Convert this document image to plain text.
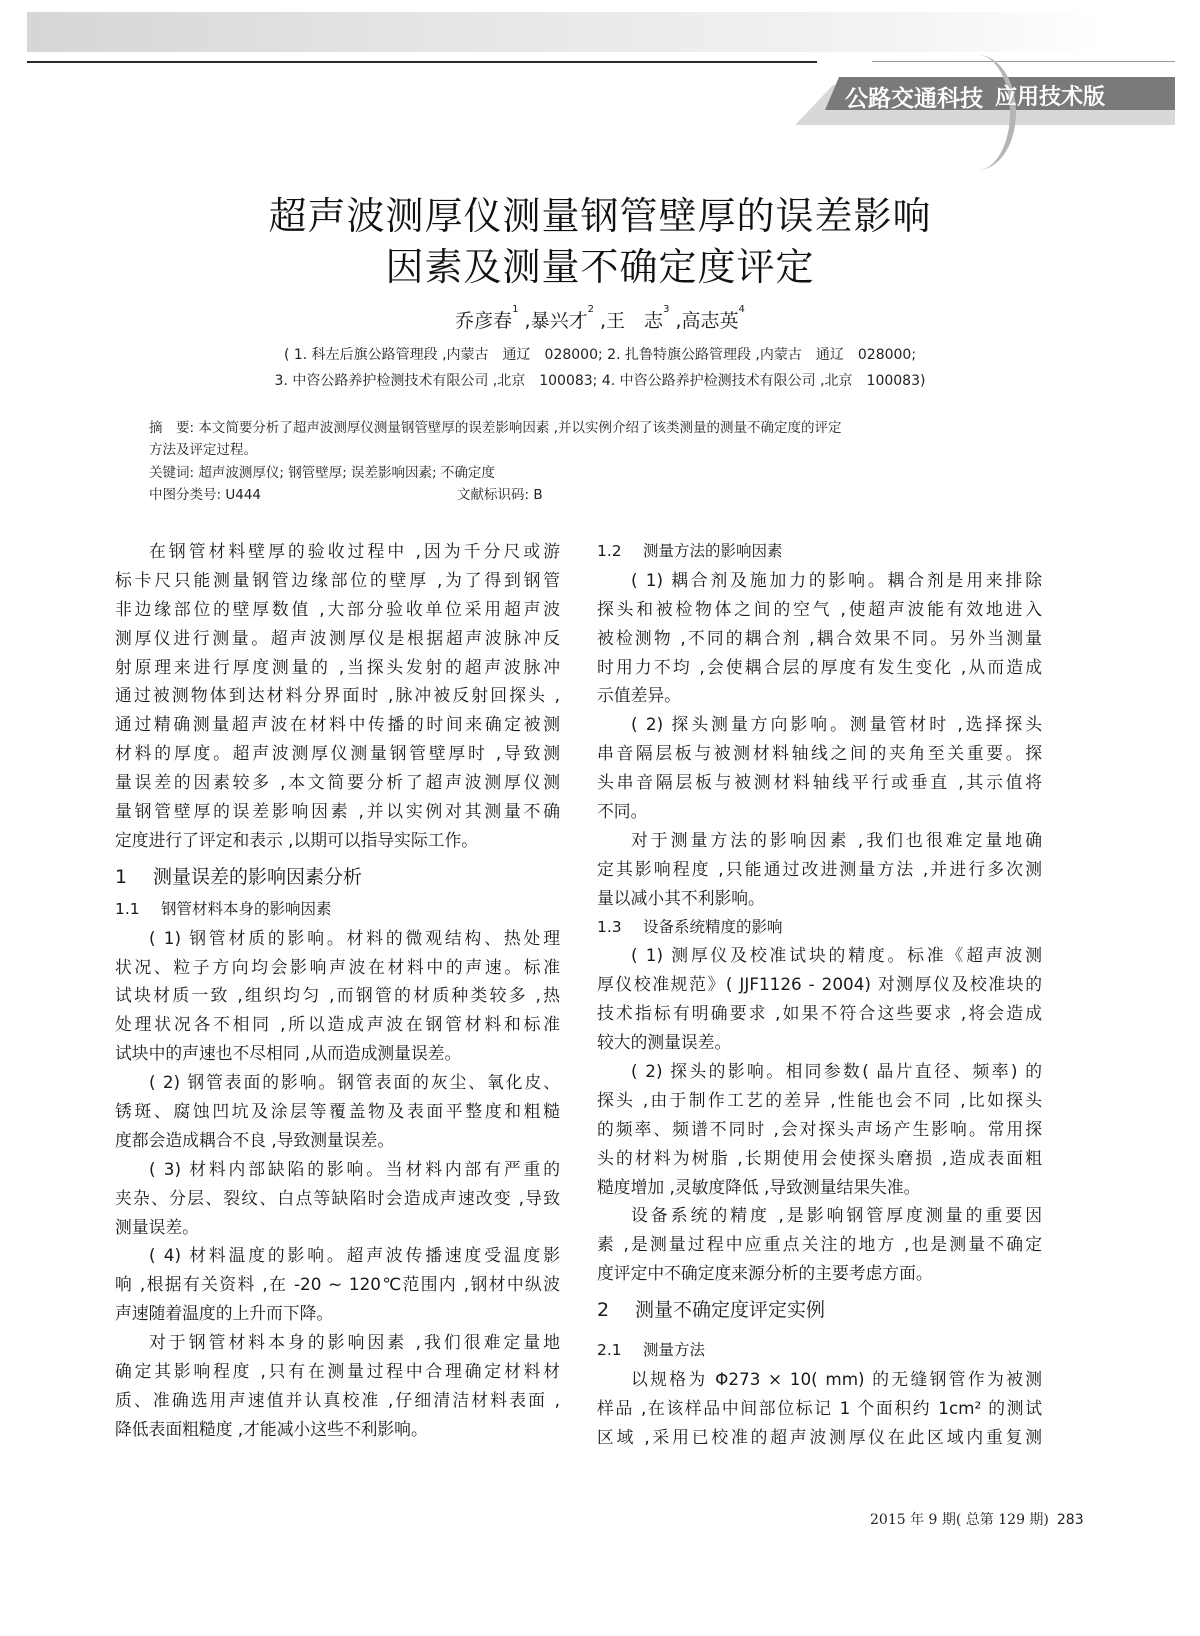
公路交通科技 应用技术版
超声波测厚仪测量钢管壁厚的误差影响
因素及测量不确定度评定
乔彦春$^1$ ,暴兴才$^2$ ,王　志$^3$ ,高志英$^4$
( 1. 科左后旗公路管理段 ,内蒙古　通辽　028000; 2. 扎鲁特旗公路管理段 ,内蒙古　通辽　028000;
3. 中咨公路养护检测技术有限公司 ,北京　100083; 4. 中咨公路养护检测技术有限公司 ,北京　100083)
摘　要: 本文简要分析了超声波测厚仪测量钢管壁厚的误差影响因素 ,并以实例介绍了该类测量的测量不确定度的评定
方法及评定过程。
关键词: 超声波测厚仪; 钢管壁厚; 误差影响因素; 不确定度
中图分类号: U444	文献标识码: B
在钢管材料壁厚的验收过程中 ,因为千分尺或游
标卡尺只能测量钢管边缘部位的壁厚 ,为了得到钢管
非边缘部位的壁厚数值 ,大部分验收单位采用超声波
测厚仪进行测量。超声波测厚仪是根据超声波脉冲反
射原理来进行厚度测量的 ,当探头发射的超声波脉冲
通过被测物体到达材料分界面时 ,脉冲被反射回探头 ,
通过精确测量超声波在材料中传播的时间来确定被测
材料的厚度。超声波测厚仪测量钢管壁厚时 ,导致测
量误差的因素较多 ,本文简要分析了超声波测厚仪测
量钢管壁厚的误差影响因素 ,并以实例对其测量不确
定度进行了评定和表示 ,以期可以指导实际工作。
1 测量误差的影响因素分析
1.1 钢管材料本身的影响因素
( 1) 钢管材质的影响。材料的微观结构、热处理
状况、粒子方向均会影响声波在材料中的声速。标准
试块材质一致 ,组织均匀 ,而钢管的材质种类较多 ,热
处理状况各不相同 ,所以造成声波在钢管材料和标准
试块中的声速也不尽相同 ,从而造成测量误差。
( 2) 钢管表面的影响。钢管表面的灰尘、氧化皮、
锈斑、腐蚀凹坑及涂层等覆盖物及表面平整度和粗糙
度都会造成耦合不良 ,导致测量误差。
( 3) 材料内部缺陷的影响。当材料内部有严重的
夹杂、分层、裂纹、白点等缺陷时会造成声速改变 ,导致
测量误差。
( 4) 材料温度的影响。超声波传播速度受温度影
响 ,根据有关资料 ,在 -20 ~ 120℃范围内 ,钢材中纵波
声速随着温度的上升而下降。
对于钢管材料本身的影响因素 ,我们很难定量地
确定其影响程度 ,只有在测量过程中合理确定材料材
质、准确选用声速值并认真校准 ,仔细清洁材料表面 ,
降低表面粗糙度 ,才能减小这些不利影响。
1.2 测量方法的影响因素
( 1) 耦合剂及施加力的影响。耦合剂是用来排除
探头和被检物体之间的空气 ,使超声波能有效地进入
被检测物 ,不同的耦合剂 ,耦合效果不同。另外当测量
时用力不均 ,会使耦合层的厚度有发生变化 ,从而造成
示值差异。
( 2) 探头测量方向影响。测量管材时 ,选择探头
串音隔层板与被测材料轴线之间的夹角至关重要。探
头串音隔层板与被测材料轴线平行或垂直 ,其示值将
不同。
对于测量方法的影响因素 ,我们也很难定量地确
定其影响程度 ,只能通过改进测量方法 ,并进行多次测
量以减小其不利影响。
1.3 设备系统精度的影响
( 1) 测厚仪及校准试块的精度。标准《超声波测
厚仪校准规范》( JJF1126 - 2004) 对测厚仪及校准块的
技术指标有明确要求 ,如果不符合这些要求 ,将会造成
较大的测量误差。
( 2) 探头的影响。相同参数( 晶片直径、频率) 的
探头 ,由于制作工艺的差异 ,性能也会不同 ,比如探头
的频率、频谱不同时 ,会对探头声场产生影响。常用探
头的材料为树脂 ,长期使用会使探头磨损 ,造成表面粗
糙度增加 ,灵敏度降低 ,导致测量结果失准。
设备系统的精度 ,是影响钢管厚度测量的重要因
素 ,是测量过程中应重点关注的地方 ,也是测量不确定
度评定中不确定度来源分析的主要考虑方面。
2 测量不确定度评定实例
2.1 测量方法
以规格为 Φ273 × 10( mm) 的无缝钢管作为被测
样品 ,在该样品中间部位标记 1 个面积约 1cm² 的测试
区域 ,采用已校准的超声波测厚仪在此区域内重复测
2015 年 9 期( 总第 129 期) 283
